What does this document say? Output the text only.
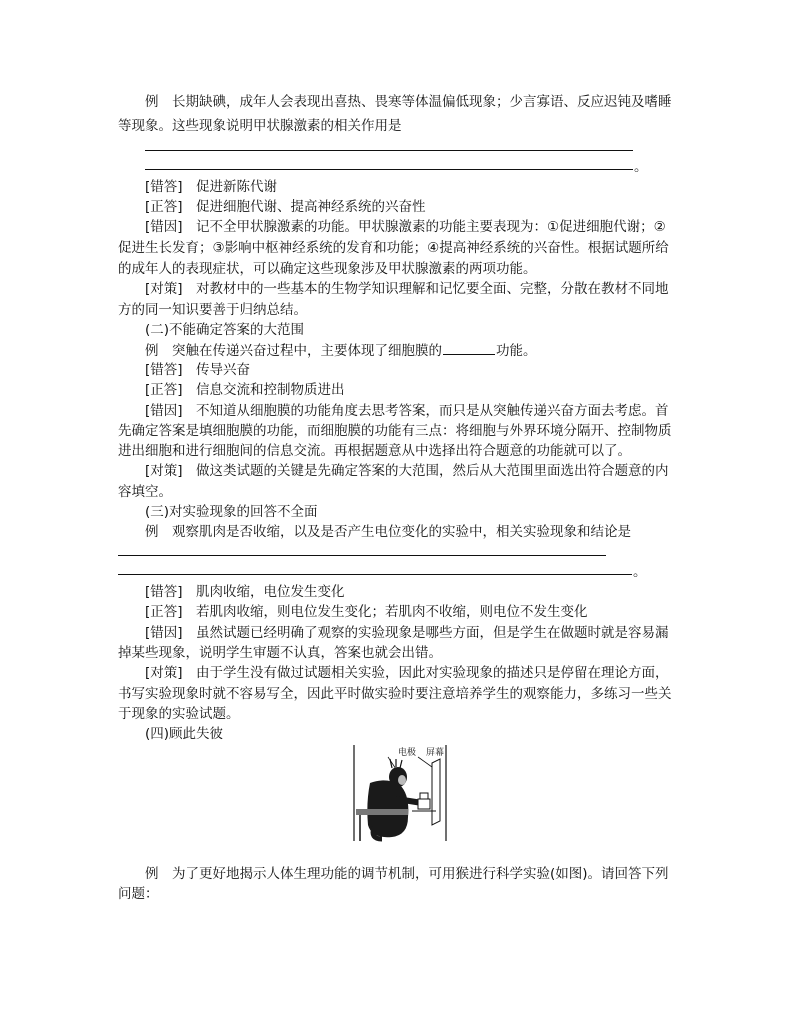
例　长期缺碘，成年人会表现出喜热、畏寒等体温偏低现象；少言寡语、反应迟钝及嗜睡
等现象。这些现象说明甲状腺激素的相关作用是
。
[错答]　促进新陈代谢
[正答]　促进细胞代谢、提高神经系统的兴奋性
[错因]　记不全甲状腺激素的功能。甲状腺激素的功能主要表现为：①促进细胞代谢；②
促进生长发育；③影响中枢神经系统的发育和功能；④提高神经系统的兴奋性。根据试题所给
的成年人的表现症状，可以确定这些现象涉及甲状腺激素的两项功能。
[对策]　对教材中的一些基本的生物学知识理解和记忆要全面、完整，分散在教材不同地
方的同一知识要善于归纳总结。
(二)不能确定答案的大范围
例　突触在传递兴奋过程中，主要体现了细胞膜的	功能。
[错答]　传导兴奋
[正答]　信息交流和控制物质进出
[错因]　不知道从细胞膜的功能角度去思考答案，而只是从突触传递兴奋方面去考虑。首
先确定答案是填细胞膜的功能，而细胞膜的功能有三点：将细胞与外界环境分隔开、控制物质
进出细胞和进行细胞间的信息交流。再根据题意从中选择出符合题意的功能就可以了。
[对策]　做这类试题的关键是先确定答案的大范围，然后从大范围里面选出符合题意的内
容填空。
(三)对实验现象的回答不全面
例　观察肌肉是否收缩，以及是否产生电位变化的实验中，相关实验现象和结论是
。
[错答]　肌肉收缩，电位发生变化
[正答]　若肌肉收缩，则电位发生变化；若肌肉不收缩，则电位不发生变化
[错因]　虽然试题已经明确了观察的实验现象是哪些方面，但是学生在做题时就是容易漏
掉某些现象，说明学生审题不认真，答案也就会出错。
[对策]　由于学生没有做过试题相关实验，因此对实验现象的描述只是停留在理论方面，
书写实验现象时就不容易写全，因此平时做实验时要注意培养学生的观察能力，多练习一些关
于现象的实验试题。
(四)顾此失彼
电极 屏幕
例　为了更好地揭示人体生理功能的调节机制，可用猴进行科学实验(如图)。请回答下列
问题：
